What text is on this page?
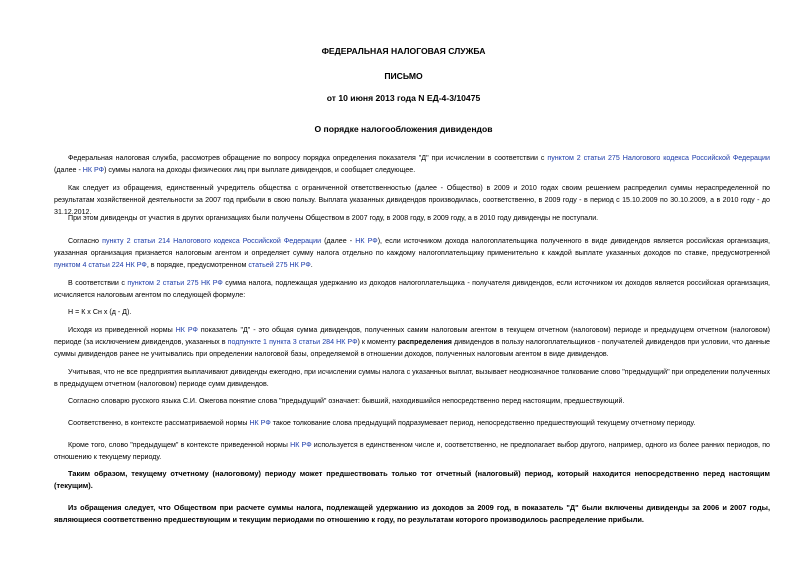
ФЕДЕРАЛЬНАЯ НАЛОГОВАЯ СЛУЖБА
ПИСЬМО
от 10 июня 2013 года N ЕД-4-3/10475
О порядке налогообложения дивидендов

Федеральная налоговая служба, рассмотрев обращение по вопросу порядка определения показателя "Д" при исчислении в соответствии с пунктом 2 статьи 275 Налогового кодекса Российской Федерации (далее - НК РФ) суммы налога на доходы физических лиц при выплате дивидендов, и сообщает следующее.

Как следует из обращения, единственный учредитель общества с ограниченной ответственностью (далее - Общество) в 2009 и 2010 годах своим решением распределил суммы нераспределенной по результатам хозяйственной деятельности за 2007 год прибыли в свою пользу. Выплата указанных дивидендов производилась, соответственно, в 2009 году - в период с 15.10.2009 по 30.10.2009, а в 2010 году - до 31.12.2012.

При этом дивиденды от участия в других организациях были получены Обществом в 2007 году, в 2008 году, в 2009 году, а в 2010 году дивиденды не поступали.

Согласно пункту 2 статьи 214 Налогового кодекса Российской Федерации (далее - НК РФ), если источником дохода налогоплательщика полученного в виде дивидендов является российская организация, указанная организация признается налоговым агентом и определяет сумму налога отдельно по каждому налогоплательщику применительно к каждой выплате указанных доходов по ставке, предусмотренной пунктом 4 статьи 224 НК РФ, в порядке, предусмотренном статьей 275 НК РФ.

В соответствии с пунктом 2 статьи 275 НК РФ сумма налога, подлежащая удержанию из доходов налогоплательщика - получателя дивидендов, если источником их доходов является российская организация, исчисляется налоговым агентом по следующей формуле:

Н = К х Сн х (д - Д).

Исходя из приведенной нормы НК РФ показатель "Д" - это общая сумма дивидендов, полученных самим налоговым агентом в текущем отчетном (налоговом) периоде и предыдущем отчетном (налоговом) периоде (за исключением дивидендов, указанных в подпункте 1 пункта 3 статьи 284 НК РФ) к моменту распределения дивидендов в пользу налогоплательщиков - получателей дивидендов при условии, что данные суммы дивидендов ранее не учитывались при определении налоговой базы, определяемой в отношении доходов, полученных налоговым агентом в виде дивидендов.

Учитывая, что не все предприятия выплачивают дивиденды ежегодно, при исчислении суммы налога с указанных выплат, вызывает неоднозначное толкование слово "предыдущий" при определении полученных в предыдущем отчетном (налоговом) периоде сумм дивидендов.

Согласно словарю русского языка С.И. Ожегова понятие слова "предыдущий" означает: бывший, находившийся непосредственно перед настоящим, предшествующий.

Соответственно, в контексте рассматриваемой нормы НК РФ такое толкование слова предыдущий подразумевает период, непосредственно предшествующий текущему отчетному периоду.

Кроме того, слово "предыдущем" в контексте приведенной нормы НК РФ используется в единственном числе и, соответственно, не предполагает выбор другого, например, одного из более ранних периодов, по отношению к текущему периоду.

Таким образом, текущему отчетному (налоговому) периоду может предшествовать только тот отчетный (налоговый) период, который находится непосредственно перед настоящим (текущим).

Из обращения следует, что Обществом при расчете суммы налога, подлежащей удержанию из доходов за 2009 год, в показатель "Д" были включены дивиденды за 2006 и 2007 годы, являющиеся соответственно предшествующим и текущим периодами по отношению к году, по результатам которого производилось распределение прибыли.
